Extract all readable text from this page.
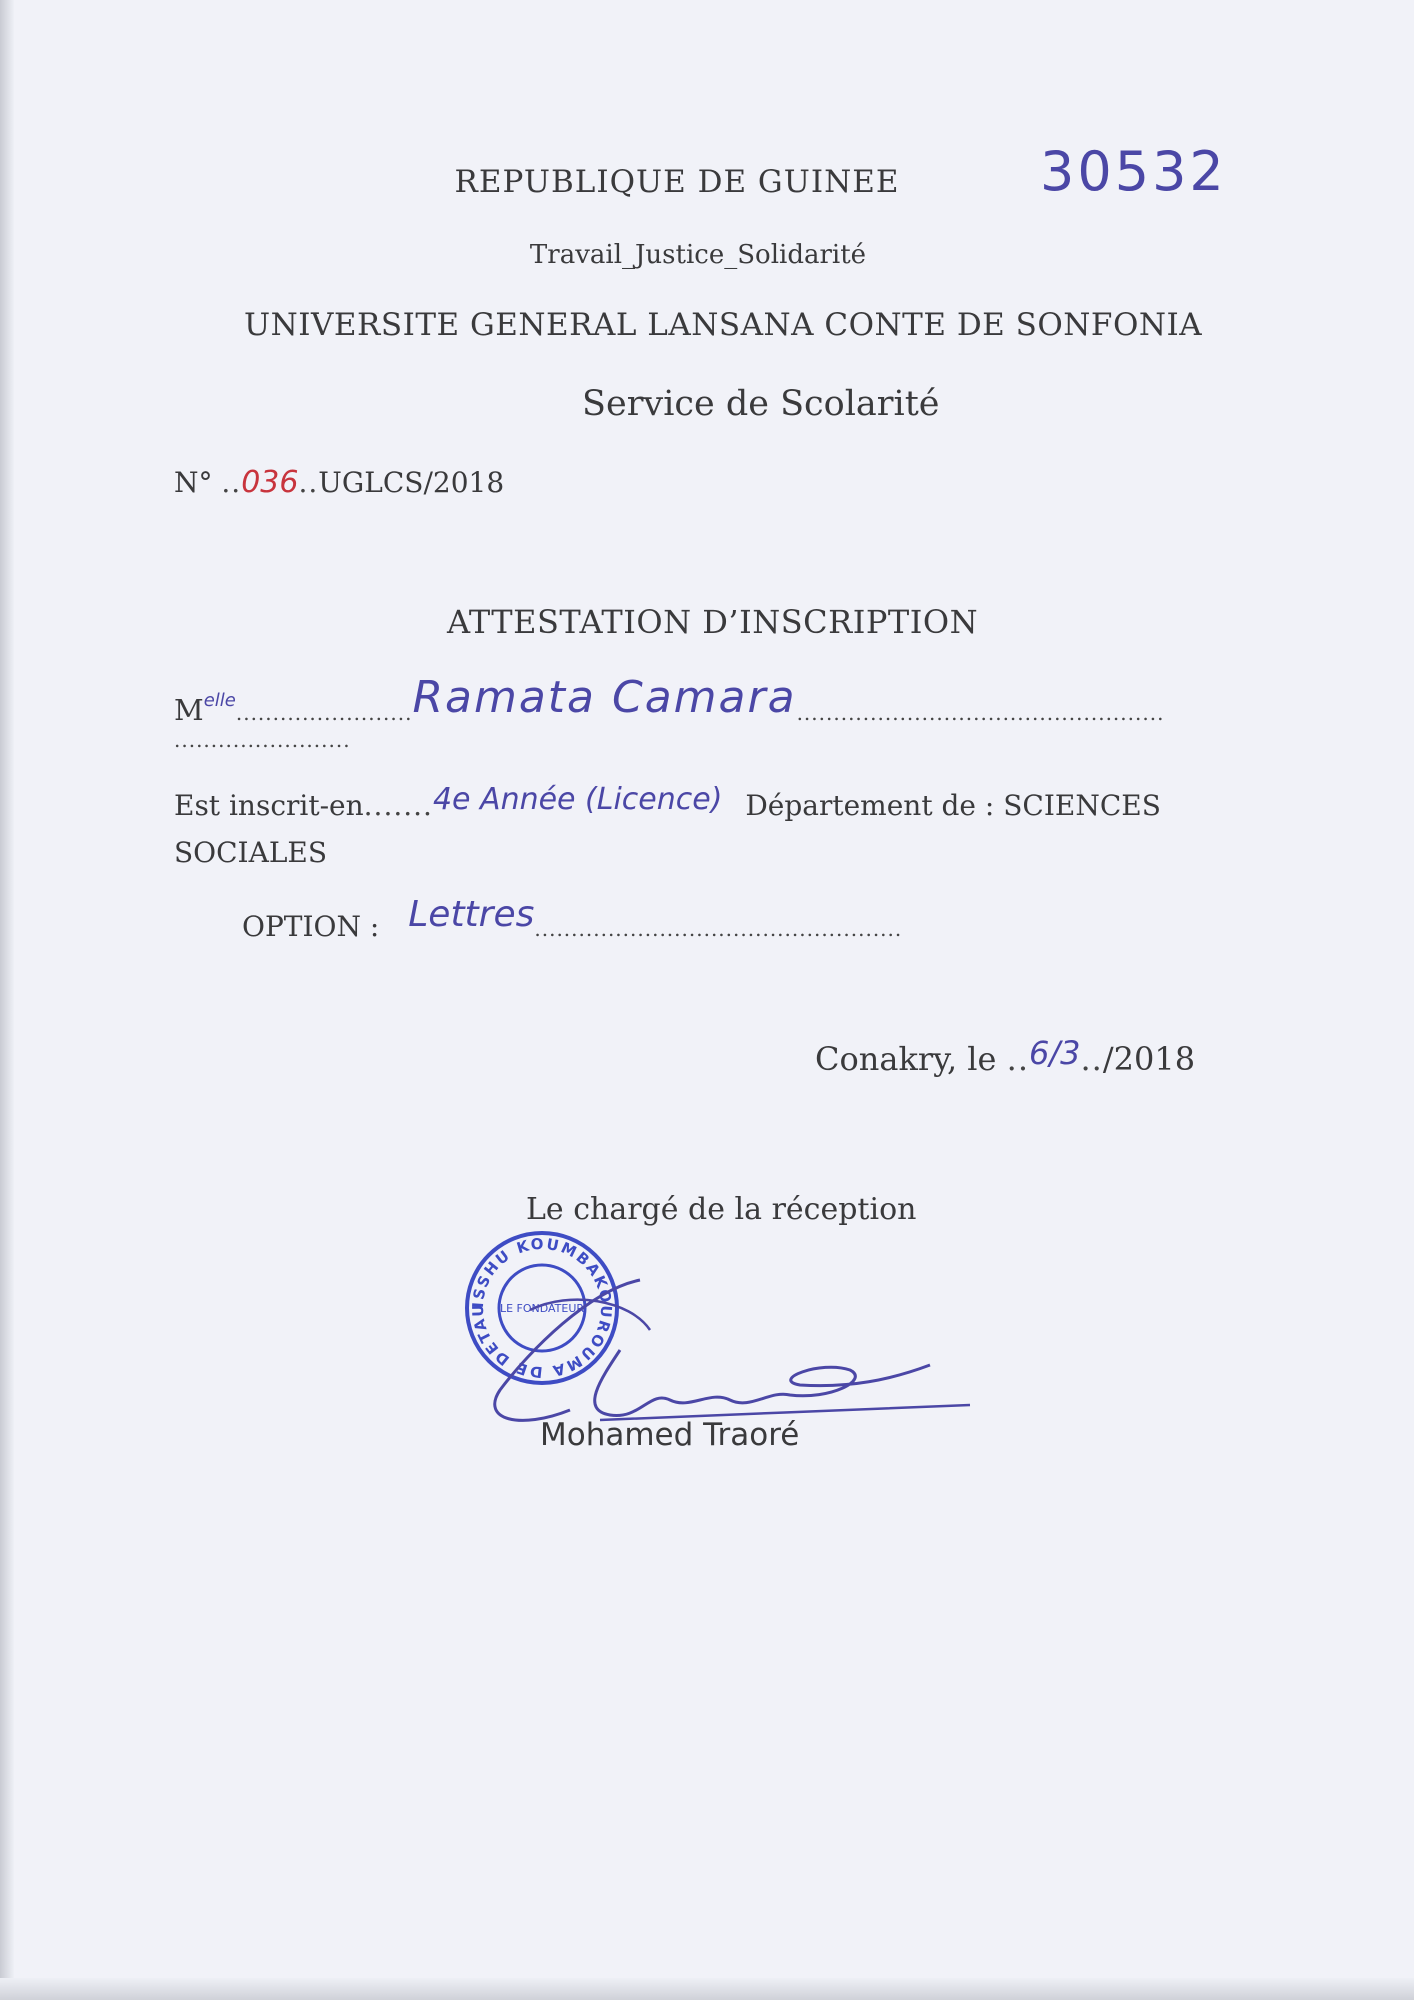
30532
REPUBLIQUE DE GUINEE
Travail_Justice_Solidarité
UNIVERSITE GENERAL LANSANA CONTE DE SONFONIA
Service de Scolarité
N° ..036..UGLCS/2018
ATTESTATION D’INSCRIPTION
$M^{elle}........................Ramata$ Camara..................................................
........................
Est inscrit-en.......4e Année (Licence) Département de : SCIENCES
SOCIALES
OPTION : Lettres..................................................
Conakry, le ..6/3../2018
Le chargé de la réception
ISSHU KOUMBAKOUROUMA DE DETAUMA
LE FONDATEUR
Mohamed Traoré
